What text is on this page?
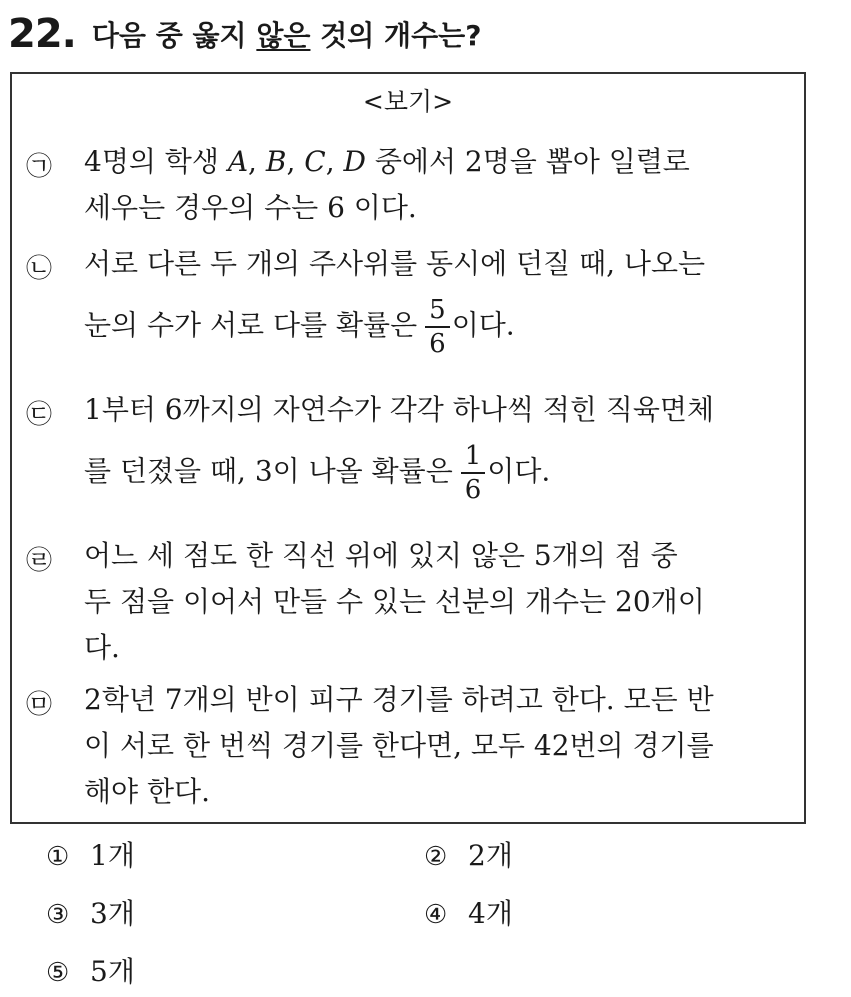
22. 다음 중 옳지 않은 것의 개수는?
<보기>
㉠ 4명의 학생 A, B, C, D 중에서 2명을 뽑아 일렬로
세우는 경우의 수는 6 이다.
㉡ 서로 다른 두 개의 주사위를 동시에 던질 때, 나오는
눈의 수가 서로 다를 확률은 $\frac{5}{6}$ 이다.
㉢ 1부터 6까지의 자연수가 각각 하나씩 적힌 직육면체
를 던졌을 때, 3이 나올 확률은 $\frac{1}{6}$ 이다.
㉣ 어느 세 점도 한 직선 위에 있지 않은 5개의 점 중
두 점을 이어서 만들 수 있는 선분의 개수는 20개이
다.
㉤ 2학년 7개의 반이 피구 경기를 하려고 한다. 모든 반
이 서로 한 번씩 경기를 한다면, 모두 42번의 경기를
해야 한다.
① 1개	② 2개
③ 3개	④ 4개
⑤ 5개
